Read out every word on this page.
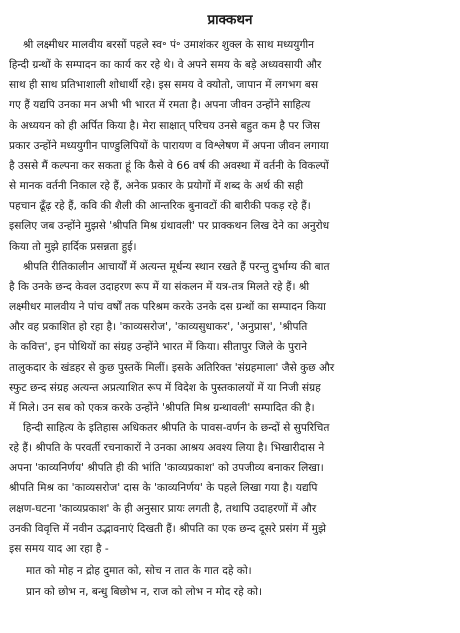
प्राक्कथन
श्री लक्ष्मीधर मालवीय बरसों पहले स्व॰ पं॰ उमाशंकर शुक्ल के साथ मध्ययुगीन
हिन्दी ग्रन्थों के सम्पादन का कार्य कर रहे थे। वे अपने समय के बड़े अध्यवसायी और
साथ ही साथ प्रतिभाशाली शोधार्थी रहे। इस समय वे क्योतो, जापान में लगभग बस
गए हैं यद्यपि उनका मन अभी भी भारत में रमता है। अपना जीवन उन्होंने साहित्य
के अध्ययन को ही अर्पित किया है। मेरा साक्षात् परिचय उनसे बहुत कम है पर जिस
प्रकार उन्होंने मध्ययुगीन पाण्डुलिपियों के पारायण व विश्लेषण में अपना जीवन लगाया
है उससे मैं कल्पना कर सकता हूं कि कैसे वे 66 वर्ष की अवस्था में वर्तनी के विकल्पों
से मानक वर्तनी निकाल रहे हैं, अनेक प्रकार के प्रयोगों में शब्द के अर्थ की सही
पहचान ढूँढ़ रहे हैं, कवि की शैली की आन्तरिक बुनावटों की बारीकी पकड़ रहे हैं।
इसलिए जब उन्होंने मुझसे 'श्रीपति मिश्र ग्रंथावली' पर प्राक्कथन लिख देने का अनुरोध
किया तो मुझे हार्दिक प्रसन्नता हुई।
श्रीपति रीतिकालीन आचार्यों में अत्यन्त मूर्धन्य स्थान रखते हैं परन्तु दुर्भाग्य की बात
है कि उनके छन्द केवल उदाहरण रूप में या संकलन में यत्र-तत्र मिलते रहे हैं। श्री
लक्ष्मीधर मालवीय ने पांच वर्षों तक परिश्रम करके उनके दस ग्रन्थों का सम्पादन किया
और वह प्रकाशित हो रहा है। 'काव्यसरोज', 'काव्यसुधाकर', 'अनुप्रास', 'श्रीपति
के कवित्त', इन पोथियों का संग्रह उन्होंने भारत में किया। सीतापुर जिले के पुराने
तालुकदार के खंडहर से कुछ पुस्तकें मिलीं। इसके अतिरिक्त 'संग्रहमाला' जैसे कुछ और
स्फुट छन्द संग्रह अत्यन्त अप्रत्याशित रूप में विदेश के पुस्तकालयों में या निजी संग्रह
में मिले। उन सब को एकत्र करके उन्होंने 'श्रीपति मिश्र ग्रन्थावली' सम्पादित की है।
हिन्दी साहित्य के इतिहास अधिकतर श्रीपति के पावस-वर्णन के छन्दों से सुपरिचित
रहे हैं। श्रीपति के परवर्ती रचनाकारों ने उनका आश्रय अवश्य लिया है। भिखारीदास ने
अपना 'काव्यनिर्णय' श्रीपति ही की भांति 'काव्यप्रकाश' को उपजीव्य बनाकर लिखा।
श्रीपति मिश्र का 'काव्यसरोज' दास के 'काव्यनिर्णय' के पहले लिखा गया है। यद्यपि
लक्षण-घटना 'काव्यप्रकाश' के ही अनुसार प्रायः लगती है, तथापि उदाहरणों में और
उनकी विवृत्ति में नवीन उद्भावनाएं दिखती हैं। श्रीपति का एक छन्द दूसरे प्रसंग में मुझे
इस समय याद आ रहा है -
मात को मोह न द्रोह दुमात को, सोच न तात के गात दहे को।
प्रान को छोभ न, बन्धु बिछोभ न, राज को लोभ न मोद रहे को।
